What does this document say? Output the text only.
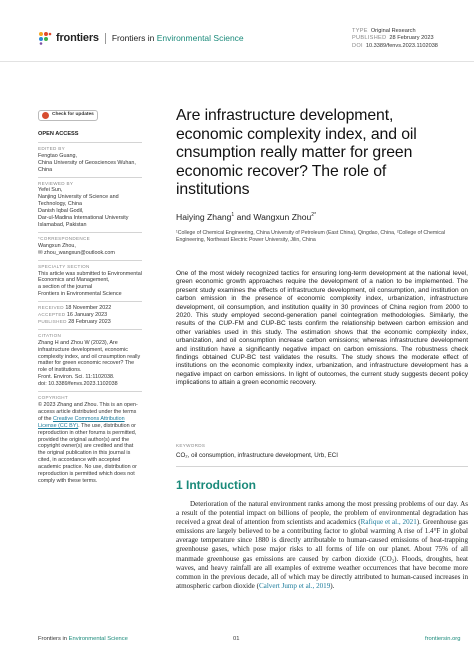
frontiers Frontiers in Environmental Science
TYPE Original Research
PUBLISHED 28 February 2023
DOI 10.3389/fenvs.2023.1102038
Check for updates
OPEN ACCESS
EDITED BY
Fengtao Guang,
China University of Geosciences Wuhan, China
REVIEWED BY
Yefei Sun,
Nanjing University of Science and Technology, China
Danish Iqbal Godil,
Dar-ul-Madina International University Islamabad, Pakistan
*CORRESPONDENCE
Wangxun Zhou,
✉ zhou_wangxun@outlook.com
SPECIALTY SECTION
This article was submitted to Environmental Economics and Management,
a section of the journal
Frontiers in Environmental Science
RECEIVED 18 November 2022
ACCEPTED 16 January 2023
PUBLISHED 28 February 2023
CITATION
Zhang H and Zhou W (2023), Are infrastructure development, economic complexity index, and oil cnsumption really matter for green economic recover? The role of institutions.
Front. Environ. Sci. 11:1102038.
doi: 10.3389/fenvs.2023.1102038
COPYRIGHT
© 2023 Zhang and Zhou. This is an open-access article distributed under the terms of the Creative Commons Attribution License (CC BY). The use, distribution or reproduction in other forums is permitted, provided the original author(s) and the copyright owner(s) are credited and that the original publication in this journal is cited, in accordance with accepted academic practice. No use, distribution or reproduction is permitted which does not comply with these terms.
Are infrastructure development, economic complexity index, and oil cnsumption really matter for green economic recover? The role of institutions
Haiying Zhang$^1$ and Wangxun Zhou$^{2*}$
¹College of Chemical Engineering, China University of Petroleum (East China), Qingdao, China, ²College of Chemical Engineering, Northeast Electric Power University, Jilin, China

One of the most widely recognized tactics for ensuring long-term development at the national level, green economic growth approaches require the development of a nation to be implemented. The present study examines the effects of infrastructure development, oil consumption, and institution on carbon emission in the presence of economic complexity index, urbanization, infrastructure development, oil consumption, and institution quality in 30 provinces of China region from 2000 to 2020. This study employed second-generation panel cointegration methodologies. Similarly, the results of the CUP-FM and CUP-BC tests confirm the relationship between carbon emission and other variables used in this study. The estimation shows that the economic complexity index, urbanization, and oil consumption increase carbon emissions; whereas infrastructure development and institution have a significantly negative impact on carbon emissions. The robustness check findings obtained CUP-BC test validates the results. The study shows the moderate effect of institutions on the economic complexity index, urbanization, and infrastructure development has a negative impact on carbon emissions. In light of outcomes, the current study suggests decent policy implications to attain a green economic recovery.

KEYWORDS
CO₂, oil consumption, infrastructure development, Urb, ECI
1 Introduction

Deterioration of the natural environment ranks among the most pressing problems of our day. As a result of the potential impact on billions of people, the problem of environmental degradation has received a great deal of attention from scientists and academics (Rafique et al., 2021). Greenhouse gas emissions are largely believed to be a contributing factor to global warming A rise of 1.4°F in global average temperature since 1880 is directly attributable to human-caused emissions of heat-trapping greenhouse gases, which pose major risks to all forms of life on our planet. About 75% of all manmade greenhouse gas emissions are caused by carbon dioxide (CO₂). Floods, droughts, heat waves, and heavy rainfall are all examples of extreme weather occurrences that have become more common in the previous decade, all of which may be directly attributed to human-caused increases in atmospheric carbon dioxide (Calvert Jump et al., 2019).

Frontiers in Environmental Science	01	frontiersin.org
